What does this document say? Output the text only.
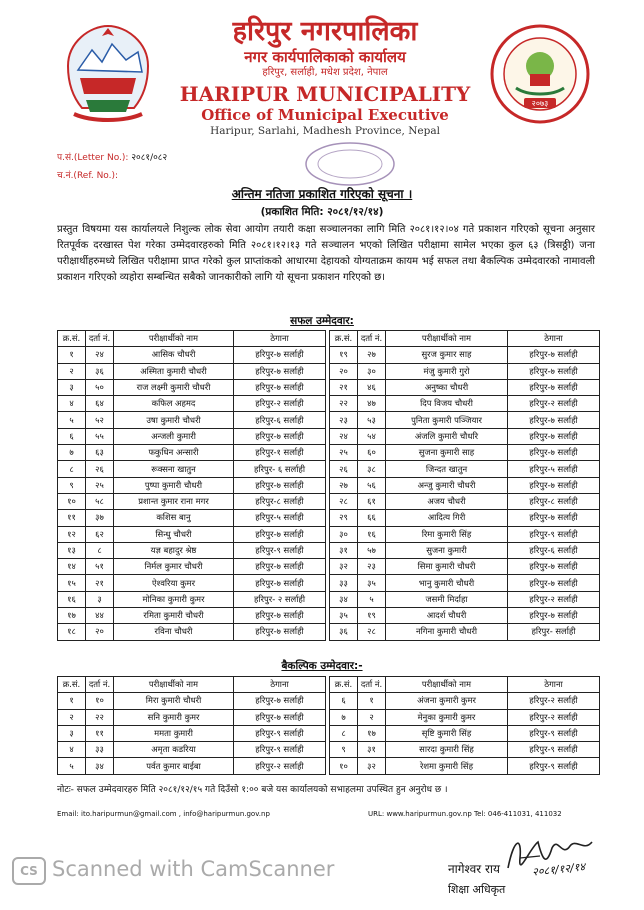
हरिपुर नगरपालिका
नगर कार्यपालिकाको कार्यालय
हरिपुर, सर्लाही, मधेश प्रदेश, नेपाल
HARIPUR MUNICIPALITY
Office of Municipal Executive
Haripur, Sarlahi, Madhesh Province, Nepal
२०७३
प.सं.(Letter No.): २०८१/०८२
च.नं.(Ref. No.):
अन्तिम नतिजा प्रकाशित गरिएको सूचना ।
(प्रकाशित मिति: २०८१/१२/१४)
प्रस्तुत विषयमा यस कार्यालयले निशुल्क लोक सेवा आयोग तयारी कक्षा सञ्चालनका लागि मिति २०८१।१२।०४ गते प्रकाशन गरिएको सूचना अनुसार रितपूर्वक दरखास्त पेश गरेका उम्मेदवारहरुको मिति २०८१।१२।१३ गते सञ्चालन भएको लिखित परीक्षामा सामेल भएका कुल ६३ (त्रिसठ्ठी) जना परीक्षार्थीहरुमध्ये लिखित परीक्षामा प्राप्त गरेको कुल प्राप्तांकको आधारमा देहायको योग्यताक्रम कायम भई सफल तथा बैकल्पिक उम्मेदवारको नामावली प्रकाशन गरिएको व्यहोरा सम्बन्धित सबैको जानकारीको लागि यो सूचना प्रकाशन गरिएको छ।
सफल उम्मेदवार:
क्र.सं.	दर्ता नं.	परीक्षार्थीको नाम	ठेगाना
१	२४	आसिक चौधरी	हरिपुर-७ सर्लाही
२	३६	अस्मिता कुमारी चौधरी	हरिपुर-७ सर्लाही
३	५०	राज लक्ष्मी कुमारी चौधरी	हरिपुर-७ सर्लाही
४	६४	कफिल अहमद	हरिपुर-२ सर्लाही
५	५२	उषा कुमारी चौधरी	हरिपुर-६ सर्लाही
६	५५	अन्जली कुमारी	हरिपुर-७ सर्लाही
७	६३	फकुधिन अन्सारी	हरिपुर-१ सर्लाही
८	२६	रूक्सना खातुन	हरिपुर- ६ सर्लाही
९	२५	पुष्पा कुमारी चौधरी	हरिपुर-७ सर्लाही
१०	५८	प्रशान्त कुमार राना मगर	हरिपुर-८ सर्लाही
११	३७	कशिस बानु	हरिपुर-५ सर्लाही
१२	६२	सिन्धु चौधरी	हरिपुर-७ सर्लाही
१३	८	यज्ञ बहादुर श्रेष्ठ	हरिपुर-९ सर्लाही
१४	५१	निर्मल कुमार चौधरी	हरिपुर-७ सर्लाही
१५	२१	ऐश्वरिया कुमर	हरिपुर-७ सर्लाही
१६	३	मोनिका कुमारी कुमर	हरिपुर- २ सर्लाही
१७	४४	रमिता कुमारी चौधरी	हरिपुर-७ सर्लाही
१८	२०	रविना चौधरी	हरिपुर-७ सर्लाही
क्र.सं.	दर्ता नं.	परीक्षार्थीको नाम	ठेगाना
१९	२७	सुरज कुमार साह	हरिपुर-७ सर्लाही
२०	३०	मंजु कुमारी गुरो	हरिपुर-७ सर्लाही
२१	४६	अनुष्का चौधरी	हरिपुर-७ सर्लाही
२२	४७	दिप विजय चौधरी	हरिपुर-२ सर्लाही
२३	५३	पुनिता कुमारी पञ्जियार	हरिपुर-७ सर्लाही
२४	५४	अंजलि कुमारी चौधरि	हरिपुर-७ सर्लाही
२५	६०	सुजना कुमारी साह	हरिपुर-७ सर्लाही
२६	३८	जिन्दत खातुन	हरिपुर-५ सर्लाही
२७	५६	अन्जु कुमारी चौधरी	हरिपुर-७ सर्लाही
२८	६१	अजय चौधरी	हरिपुर-८ सर्लाही
२९	६६	आदित्य गिरी	हरिपुर-७ सर्लाही
३०	१६	रिमा कुमारी सिंह	हरिपुर-९ सर्लाही
३१	५७	सुजना कुमारी	हरिपुर-६ सर्लाही
३२	२३	सिमा कुमारी चौधरी	हरिपुर-७ सर्लाही
३३	३५	भानु कुमारी चौधरी	हरिपुर-७ सर्लाही
३४	५	जसमी मिर्दाहा	हरिपुर-२ सर्लाही
३५	१९	आदर्श चौधरी	हरिपुर-७ सर्लाही
३६	२८	नगिना कुमारी चौधरी	हरिपुर- सर्लाही
बैकल्पिक उम्मेदवार:-
क्र.सं.	दर्ता नं.	परीक्षार्थीको नाम	ठेगाना
१	१०	मिरा कुमारी चौधरी	हरिपुर-७ सर्लाही
२	२२	सनि कुमारी कुमर	हरिपुर-७ सर्लाही
३	११	ममता कुमारी	हरिपुर-९ सर्लाही
४	३३	अमृता कडरिया	हरिपुर-९ सर्लाही
५	३४	पर्वत कुमार बाईबा	हरिपुर-२ सर्लाही
क्र.सं.	दर्ता नं.	परीक्षार्थीको नाम	ठेगाना
६	१	अंजना कुमारी कुमर	हरिपुर-२ सर्लाही
७	२	मेनुका कुमारी कुमर	हरिपुर-२ सर्लाही
८	१७	सृष्टि कुमारी सिंह	हरिपुर-९ सर्लाही
९	३१	सारदा कुमारी सिंह	हरिपुर-९ सर्लाही
१०	३२	रेशमा कुमारी सिंह	हरिपुर-९ सर्लाही
नोटः- सफल उम्मेदवारहरु मिति २०८१/१२/१५ गते दिउँसो १:०० बजे यस कार्यालयको सभाहलमा उपस्थित हुन अनुरोध छ ।
Email: ito.haripurmun@gmail.com , info@haripurmun.gov.np	URL: www.haripurmun.gov.np Tel: 046-411031, 411032
CS Scanned with CamScanner	नागेश्वर राय
शिक्षा अधिकृत
२०८१/१२/१४
